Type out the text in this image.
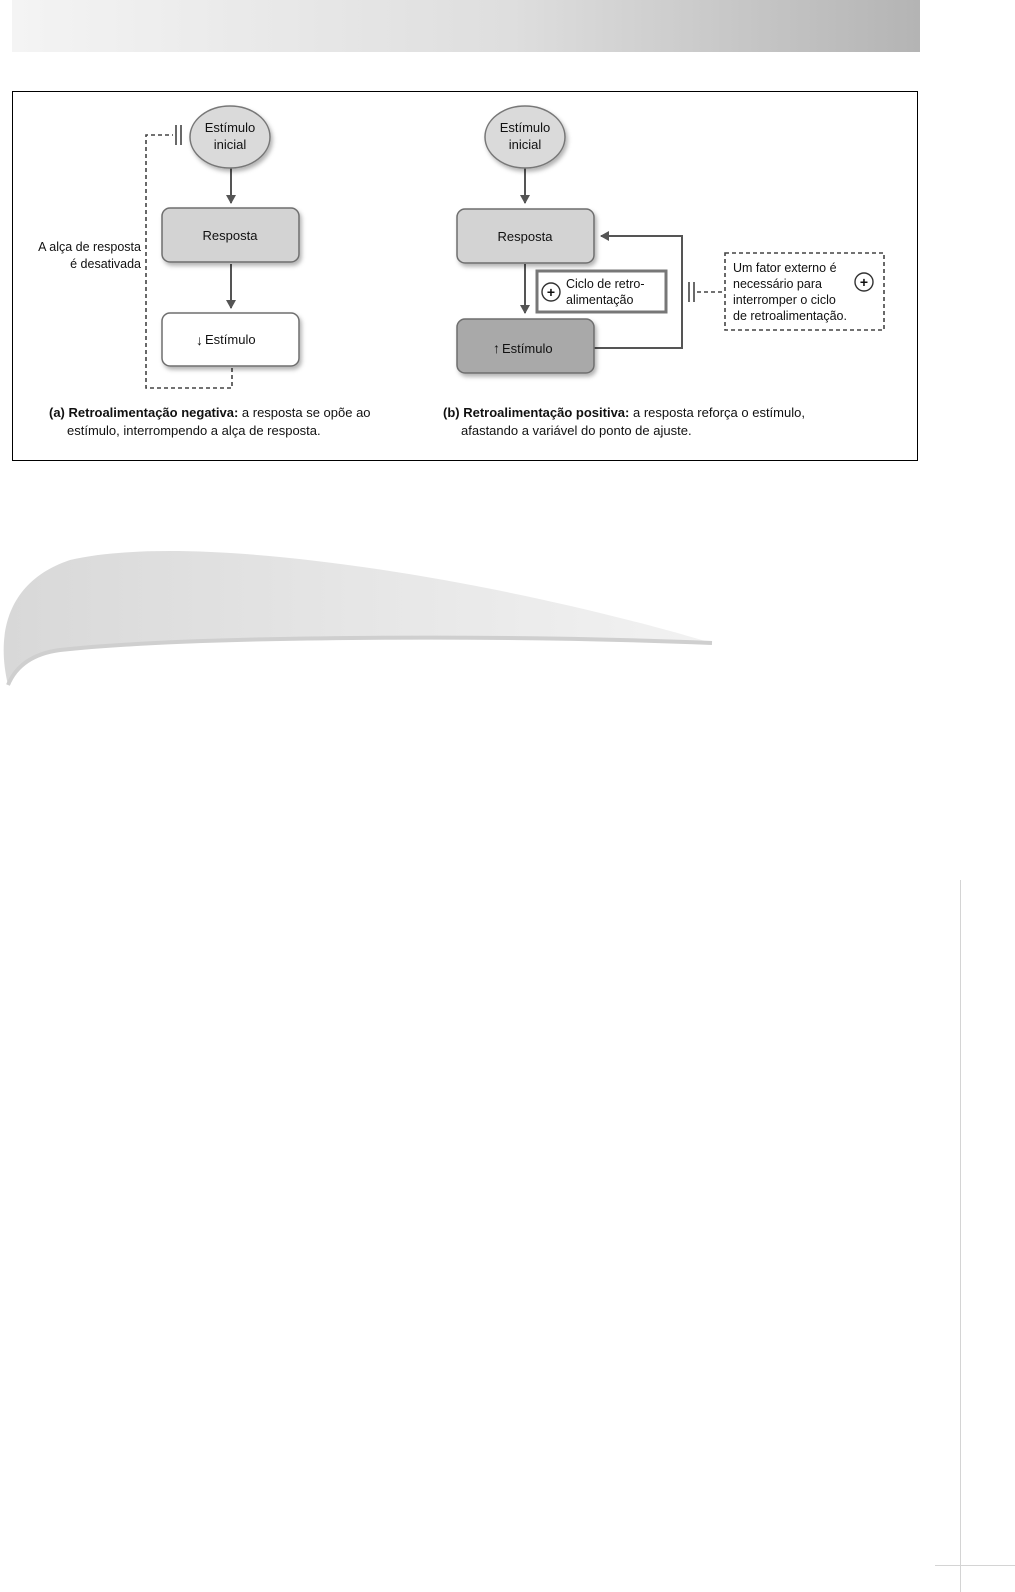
Estímulo
inicial
Resposta
↓ Estímulo
A alça de resposta
é desativada
Estímulo
inicial
Resposta
↑ Estímulo
+ Ciclo de retro-
alimentação
Um fator externo é
necessário para
interromper o ciclo
de retroalimentação.
+
(a) Retroalimentação negativa: a resposta se opõe ao
estímulo, interrompendo a alça de resposta.
(b) Retroalimentação positiva: a resposta reforça o estímulo,
afastando a variável do ponto de ajuste.
